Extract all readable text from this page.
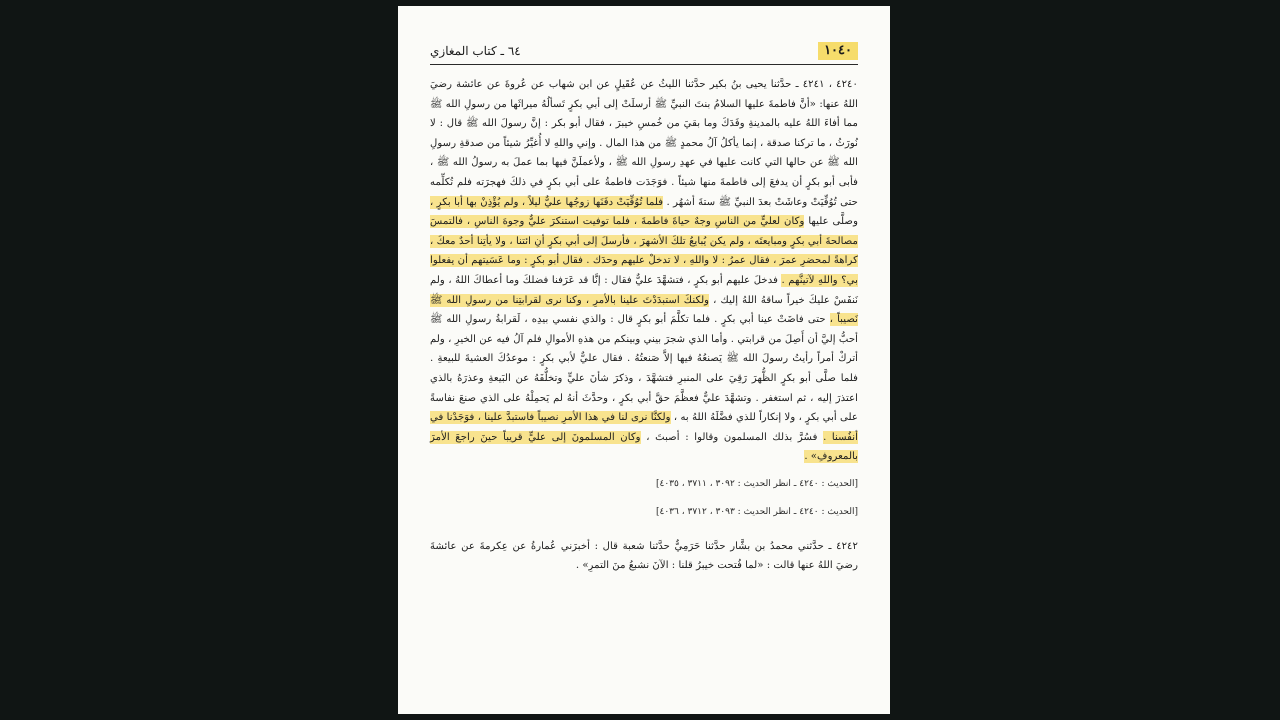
١٠٤٠
٦٤ ـ كتاب المغازي

٤٢٤٠ ، ٤٢٤١ ـ حدَّثنا يحيى بنُ بكير حدَّثنا الليثُ عن عُقَيلٍ عن ابن شهاب عن عُروةَ عن عائشة رضيَ اللهُ عنها: «أنَّ فاطمةَ عليها السلامُ بنتَ النبيِّ ﷺ أرسلَتْ إلى أبي بكرٍ تَسألُهُ ميراثَها من رسولِ الله ﷺ مما أفاءَ اللهُ عليه بالمدينةِ وفَدَكَ وما بقيَ من خُمسِ خيبرَ ، فقال أبو بكر : إنَّ رسولَ الله ﷺ قال : لا نُورَثُ ، ما تركنا صدقة ، إنما يأكلُ آلُ محمدٍ ﷺ من هذا المال . وإني واللهِ لا أُغيِّرُ شيئاً من صدقةِ رسولِ الله ﷺ عن حالها التي كانت عليها في عهدِ رسولِ الله ﷺ ، ولأعملَنَّ فيها بما عملَ به رسولُ الله ﷺ ، فأبى أبو بكرٍ أن يدفعَ إلى فاطمةَ منها شيئاً . فوَجَدَت فاطمةُ على أبي بكرٍ في ذلكَ فهجرَته فلم تُكلِّمه حتى تُوُفِّيَتْ وعاشَتْ بعدَ النبيِّ ﷺ ستةَ أشهُر . فلما تُوُفِّيَتْ دفَنَها زوجُها عليٌّ ليلاً ، ولم يُؤْذِنْ بها أبا بكرٍ ، وصلَّى عليها وكان لعليٍّ من الناسِ وجهٌ حياةَ فاطمةَ ، فلما توفيت استنكرَ عليٌّ وجوهَ الناسِ ، فالتمسَ مصالحةَ أبي بكرٍ ومبايعتَه ، ولم يكن يُبايعُ تلكَ الأشهرَ ، فأرسلَ إلى أبي بكرٍ أنِ ائتنا ، ولا يأتِنا أحدٌ معكَ ، كراهةً لمحضرِ عمرَ ، فقال عمرُ : لا واللهِ ، لا تدخلْ عليهم وحدَك . فقال أبو بكرٍ : وما عَسَيتهم أن يفعلوا بي؟ واللهِ لآتينَّهم . فدخلَ عليهم أبو بكرٍ ، فتشهَّدَ عليٌّ فقال : إنَّا قد عَرَفنا فضلكَ وما أعطاكَ اللهُ ، ولم نَنفَسْ عليكَ خيراً ساقهُ اللهُ إليك ، ولكنكَ استبدَدْتَ علينا بالأمرِ ، وكنا نرى لقرابتِنا من رسولِ الله ﷺ نَصيباً ، حتى فاضَتْ عينا أبي بكرٍ . فلما تكلَّمَ أبو بكرٍ قال : والذي نفسي بيدِه ، لَقرابةُ رسولِ الله ﷺ أحبُّ إليَّ أن أَصِلَ من قرابتي . وأما الذي شجرَ بيني وبينكم من هذهِ الأموالِ فلم آلُ فيه عن الخيرِ ، ولم أتركْ أمراً رأيتُ رسولَ الله ﷺ يَصنعُهُ فيها إلاَّ صَنعتُهُ . فقال عليٌّ لأبي بكرٍ : موعدُكَ العشيةَ للبيعةِ . فلما صلَّى أبو بكرٍ الظُّهرَ رَقِيَ على المنبرِ فتشهَّدَ ، وذكرَ شأنَ عليٍّ وتخلُّفَهُ عن البَيعةِ وعذرَهُ بالذي اعتذرَ إليه ، ثم استغفر . وتشهَّدَ عليٌّ فعظَّمَ حقَّ أبي بكرٍ ، وحدَّثَ أنهُ لم يَحمِلْهُ على الذي صنعَ نفاسةً على أبي بكرٍ ، ولا إنكاراً للذي فضَّلَهُ اللهُ به ، ولكنَّا نرى لنا في هذا الأمرِ نصيباً فاستبدَّ علينا ، فوَجَدْنا في أنفُسنا . فسُرَّ بذلك المسلمون وقالوا : أصبتَ ، وكان المسلمونَ إلى عليٍّ قريباً حينَ راجعَ الأمرَ بالمعروفِ» .

[الحديث : ٤٢٤٠ ـ انظر الحديث : ٣٠٩٢ ، ٣٧١١ ، ٤٠٣٥]

[الحديث : ٤٢٤٠ ـ انظر الحديث : ٣٠٩٣ ، ٣٧١٢ ، ٤٠٣٦]

٤٢٤٢ ـ حدَّثني محمدُ بن بشَّار حدَّثنا حَرَمِيٌّ حدَّثنا شعبة قال : أخبرَني عُمارةُ عن عِكرمةَ عن عائشةَ رضيَ اللهُ عنها قالت : «لما فُتحت خيبرُ قلنا : الآنَ نشبعُ منَ التمرِ» .
